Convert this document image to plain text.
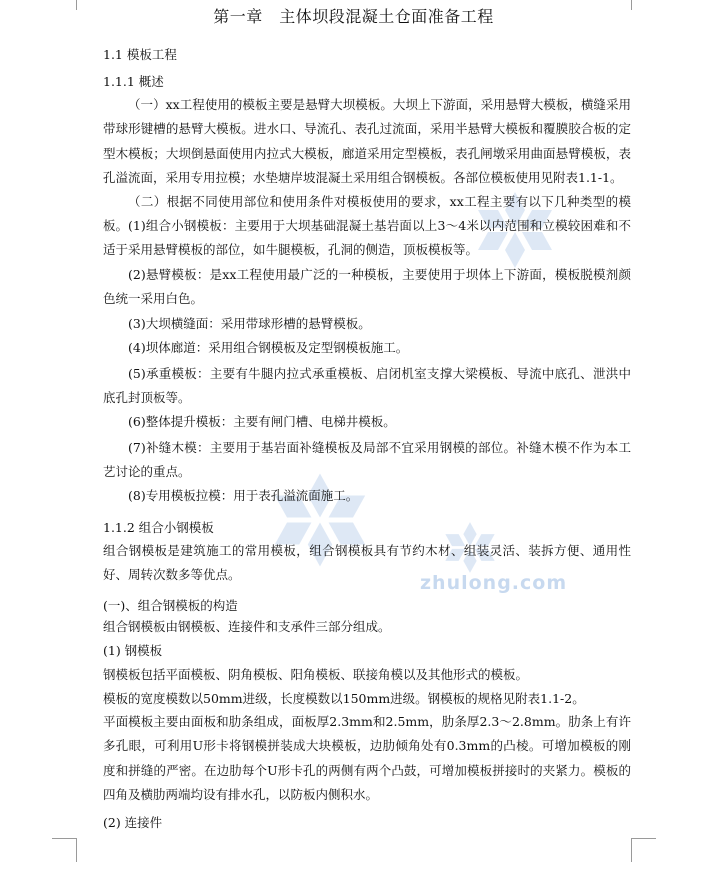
zhulong.com
第一章　主体坝段混凝土仓面准备工程
1.1 模板工程
1.1.1 概述
（一）xx工程使用的模板主要是悬臂大坝模板。大坝上下游面，采用悬臂大模板，横缝采用带球形键槽的悬臂大模板。进水口、导流孔、表孔过流面，采用半悬臂大模板和覆膜胶合板的定型木模板；大坝倒悬面使用内拉式大模板，廊道采用定型模板，表孔闸墩采用曲面悬臂模板，表孔溢流面，采用专用拉模；水垫塘岸坡混凝土采用组合钢模板。各部位模板使用见附表1.1-1。
（二）根据不同使用部位和使用条件对模板使用的要求，xx工程主要有以下几种类型的模板。 (1)组合小钢模板：主要用于大坝基础混凝土基岩面以上3～4米以内范围和立模较困难和不适于采用悬臂模板的部位，如牛腿模板，孔洞的侧造，顶板模板等。
(2)悬臂模板：是xx工程使用最广泛的一种模板，主要使用于坝体上下游面，模板脱模剂颜色统一采用白色。
(3)大坝横缝面：采用带球形槽的悬臂模板。
(4)坝体廊道：采用组合钢模板及定型钢模板施工。
(5)承重模板：主要有牛腿内拉式承重模板、启闭机室支撑大梁模板、导流中底孔、泄洪中底孔封顶板等。
(6)整体提升模板：主要有闸门槽、电梯井模板。
(7)补缝木模：主要用于基岩面补缝模板及局部不宜采用钢模的部位。补缝木模不作为本工艺讨论的重点。
(8)专用模板拉模：用于表孔溢流面施工。
1.1.2 组合小钢模板
组合钢模板是建筑施工的常用模板，组合钢模板具有节约木材、组装灵活、装拆方便、通用性好、周转次数多等优点。
(一)、组合钢模板的构造
组合钢模板由钢模板、连接件和支承件三部分组成。
(1) 钢模板
钢模板包括平面模板、阴角模板、阳角模板、联接角模以及其他形式的模板。
模板的宽度模数以50mm进级，长度模数以150mm进级。钢模板的规格见附表1.1-2。
平面模板主要由面板和肋条组成，面板厚2.3mm和2.5mm，肋条厚2.3～2.8mm。肋条上有许多孔眼，可利用U形卡将钢模拼装成大块模板，边肋倾角处有0.3mm的凸棱。可增加模板的刚度和拼缝的严密。在边肋每个U形卡孔的两侧有两个凸鼓，可增加模板拼接时的夹紧力。模板的四角及横肋两端均设有排水孔，以防板内侧积水。
(2) 连接件
